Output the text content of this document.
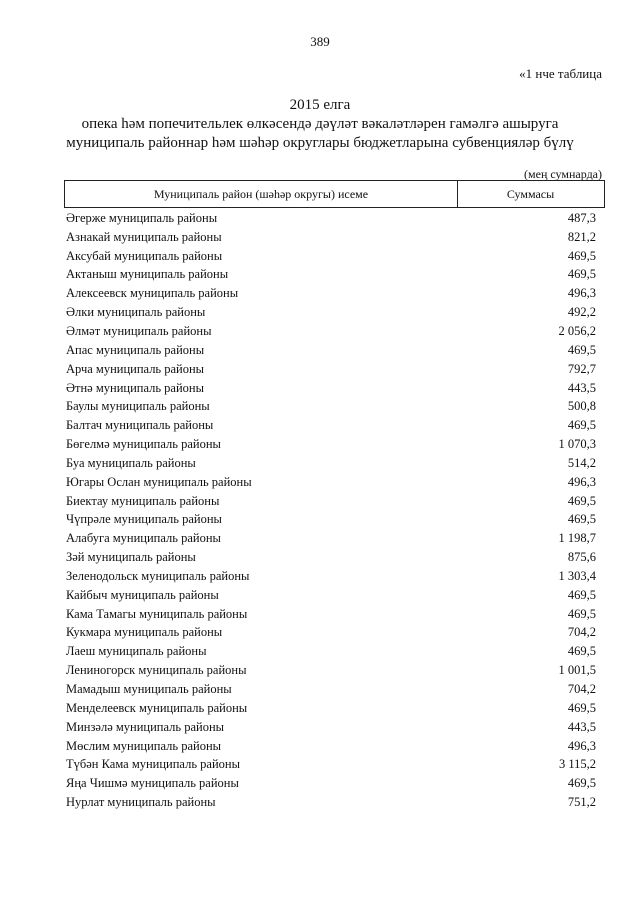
389
«1 нче таблица
2015 елга
опека һәм попечительлек өлкәсендә дәүләт вәкаләтләрен гамәлгә ашыруга
муниципаль районнар һәм шәһәр округлары бюджетларына субвенцияләр бүлү
(мең сумнарда)
Муниципаль район (шәһәр округы) исеме	Суммасы
Әгерже муниципаль районы	487,3
Азнакай муниципаль районы	821,2
Аксубай муниципаль районы	469,5
Актаныш муниципаль районы	469,5
Алексеевск муниципаль районы	496,3
Әлки муниципаль районы	492,2
Әлмәт муниципаль районы	2 056,2
Апас муниципаль районы	469,5
Арча муниципаль районы	792,7
Әтнә муниципаль районы	443,5
Баулы муниципаль районы	500,8
Балтач муниципаль районы	469,5
Бөгелмә муниципаль районы	1 070,3
Буа муниципаль районы	514,2
Югары Ослан муниципаль районы	496,3
Биектау муниципаль районы	469,5
Чүпрәле муниципаль районы	469,5
Алабуга муниципаль районы	1 198,7
Зәй муниципаль районы	875,6
Зеленодольск муниципаль районы	1 303,4
Кайбыч муниципаль районы	469,5
Кама Тамагы муниципаль районы	469,5
Кукмара муниципаль районы	704,2
Лаеш муниципаль районы	469,5
Лениногорск муниципаль районы	1 001,5
Мамадыш муниципаль районы	704,2
Менделеевск муниципаль районы	469,5
Минзәлә муниципаль районы	443,5
Мөслим муниципаль районы	496,3
Түбән Кама муниципаль районы	3 115,2
Яңа Чишмә муниципаль районы	469,5
Нурлат муниципаль районы	751,2
